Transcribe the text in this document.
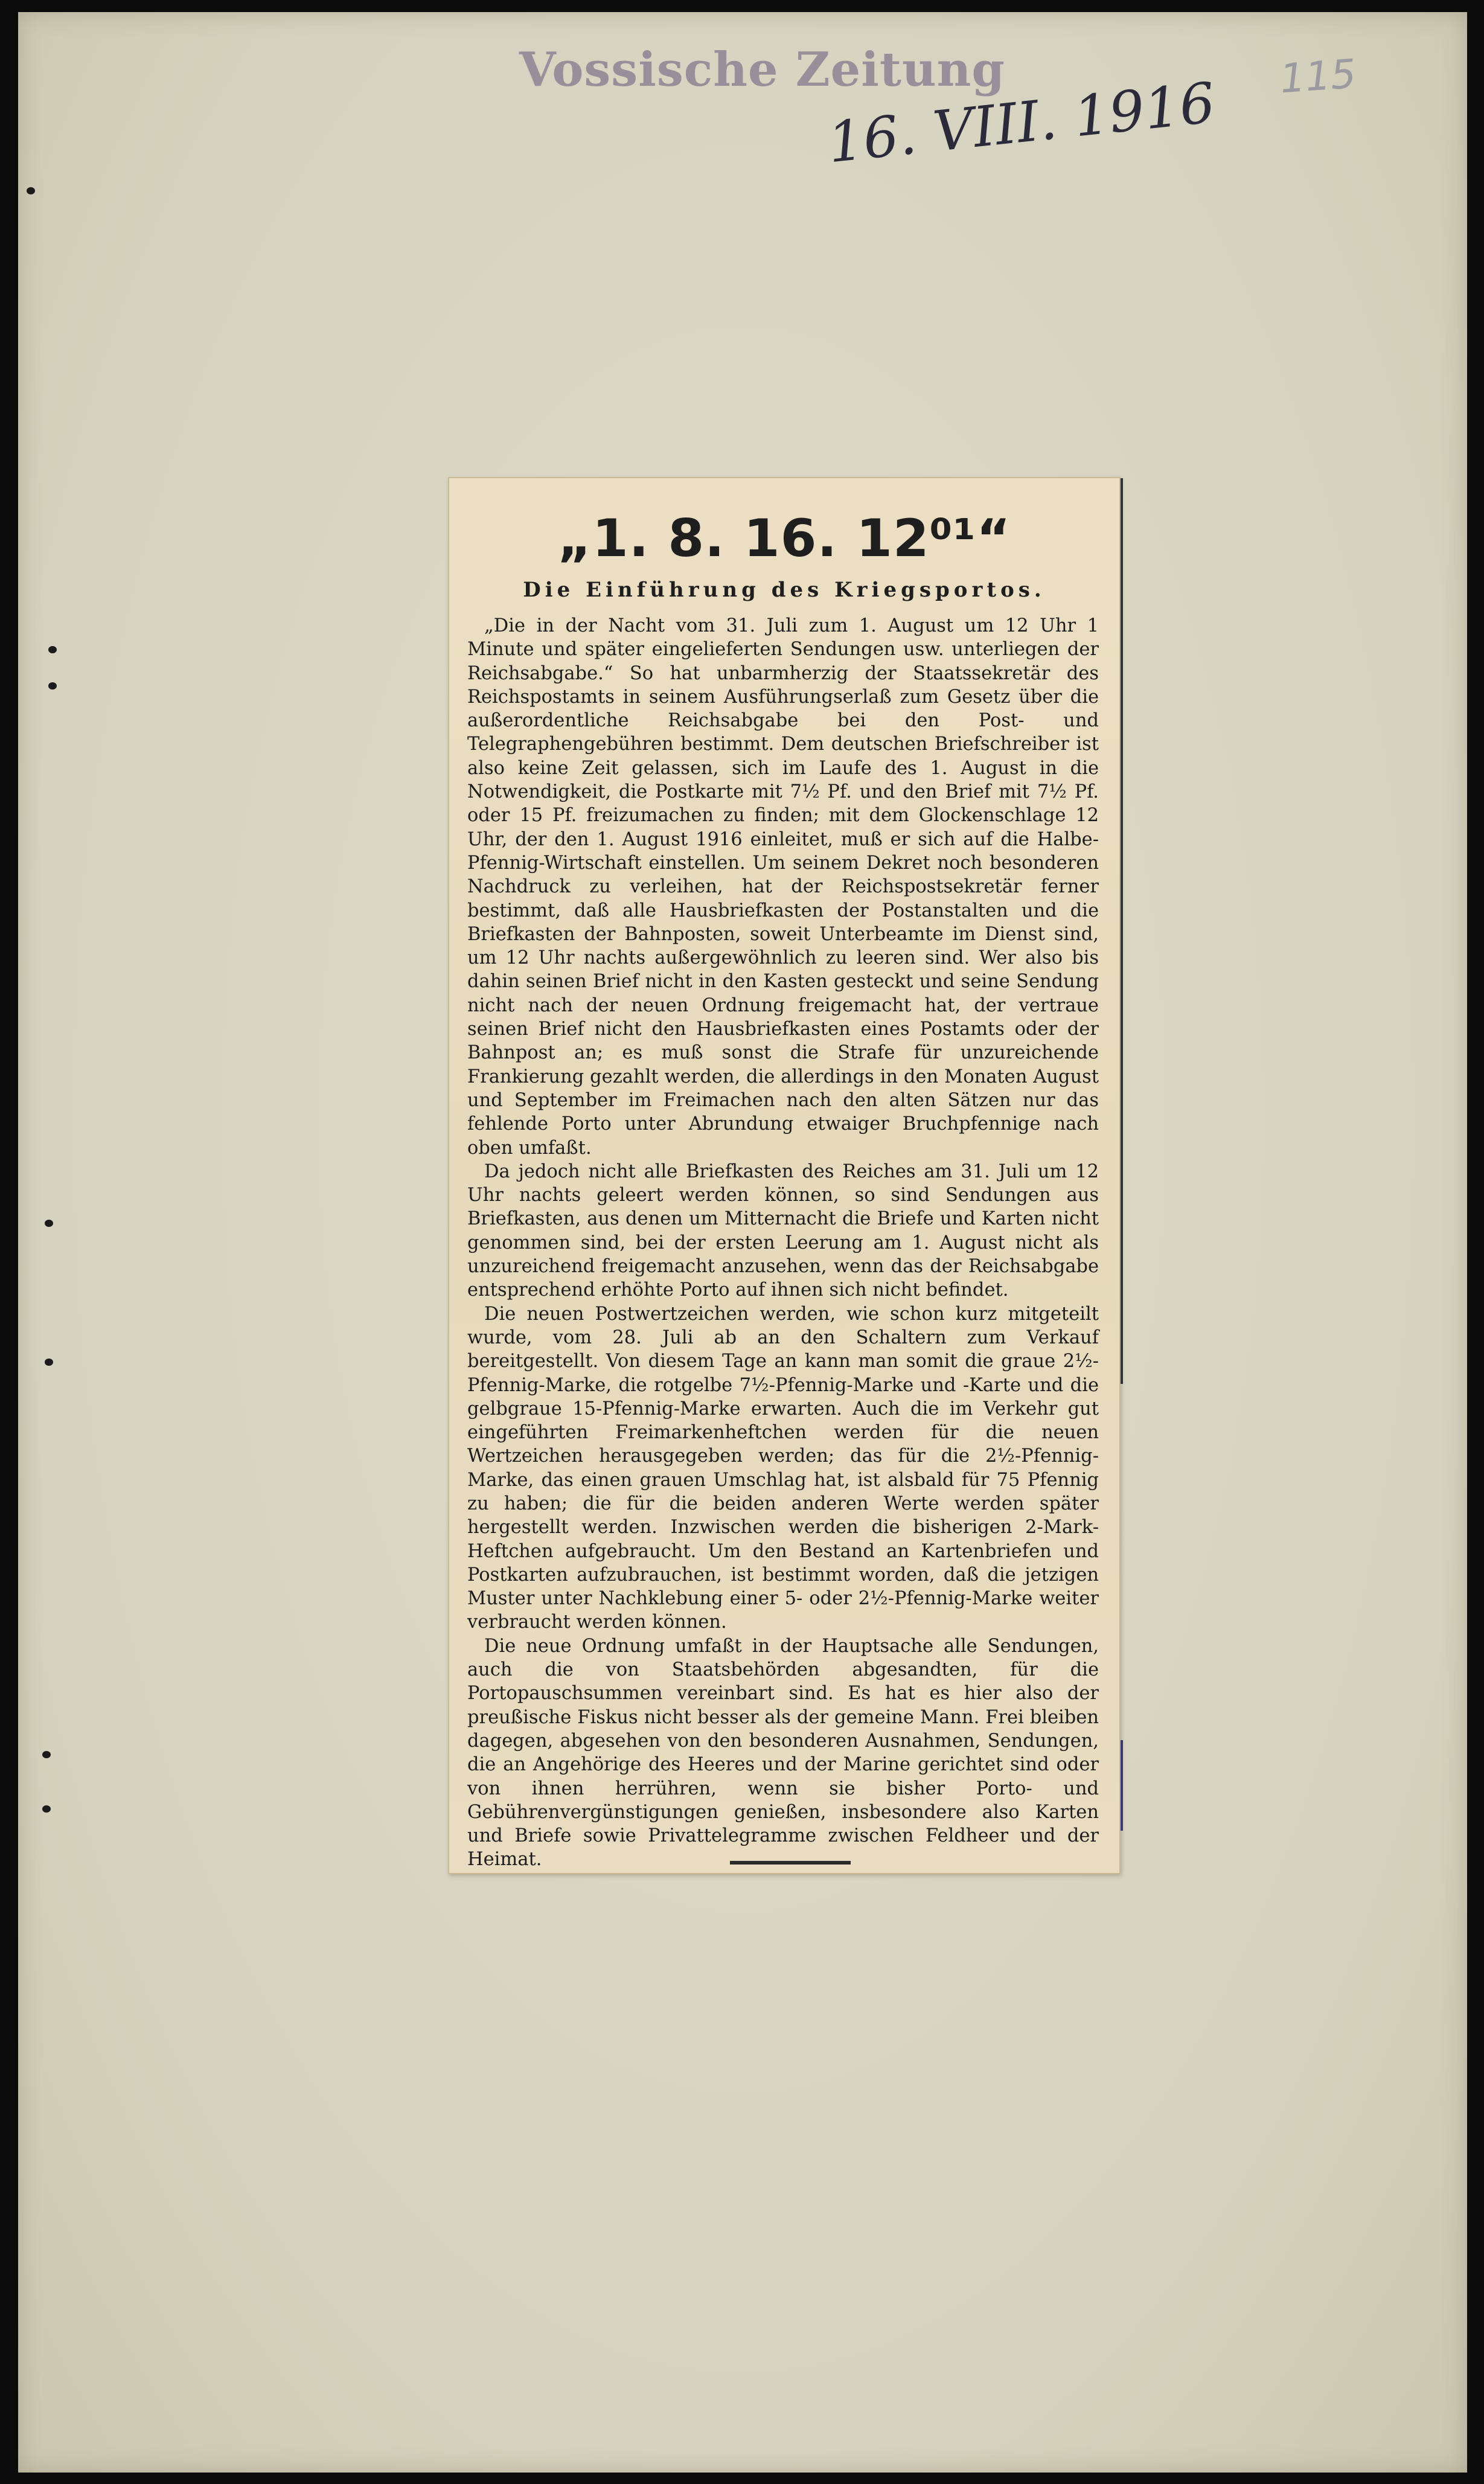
Vossische Zeitung
16. VIII. 1916 115
„1. 8. 16. 12⁰¹“
Die Einführung des Kriegsportos.

„Die in der Nacht vom 31. Juli zum 1. August um 12 Uhr 1 Minute und später eingelieferten Sendungen usw. unterliegen der Reichsabgabe.“ So hat unbarmherzig der Staatssekretär des Reichspostamts in seinem Ausführungserlaß zum Gesetz über die außerordentliche Reichsabgabe bei den Post- und Telegraphengebühren bestimmt. Dem deutschen Briefschreiber ist also keine Zeit gelassen, sich im Laufe des 1. August in die Notwendigkeit, die Postkarte mit 7½ Pf. und den Brief mit 7½ Pf. oder 15 Pf. freizumachen zu finden; mit dem Glockenschlage 12 Uhr, der den 1. August 1916 einleitet, muß er sich auf die Halbe-Pfennig-Wirtschaft einstellen. Um seinem Dekret noch besonderen Nachdruck zu verleihen, hat der Reichspostsekretär ferner bestimmt, daß alle Hausbriefkasten der Postanstalten und die Briefkasten der Bahnposten, soweit Unterbeamte im Dienst sind, um 12 Uhr nachts außergewöhnlich zu leeren sind. Wer also bis dahin seinen Brief nicht in den Kasten gesteckt und seine Sendung nicht nach der neuen Ordnung freigemacht hat, der vertraue seinen Brief nicht den Hausbriefkasten eines Postamts oder der Bahnpost an; es muß sonst die Strafe für unzureichende Frankierung gezahlt werden, die allerdings in den Monaten August und September im Freimachen nach den alten Sätzen nur das fehlende Porto unter Abrundung etwaiger Bruchpfennige nach oben umfaßt.

Da jedoch nicht alle Briefkasten des Reiches am 31. Juli um 12 Uhr nachts geleert werden können, so sind Sendungen aus Briefkasten, aus denen um Mitternacht die Briefe und Karten nicht genommen sind, bei der ersten Leerung am 1. August nicht als unzureichend freigemacht anzusehen, wenn das der Reichsabgabe entsprechend erhöhte Porto auf ihnen sich nicht befindet.

Die neuen Postwertzeichen werden, wie schon kurz mitgeteilt wurde, vom 28. Juli ab an den Schaltern zum Verkauf bereitgestellt. Von diesem Tage an kann man somit die graue 2½-Pfennig-Marke, die rotgelbe 7½-Pfennig-Marke und -Karte und die gelbgraue 15-Pfennig-Marke erwarten. Auch die im Verkehr gut eingeführten Freimarkenheftchen werden für die neuen Wertzeichen herausgegeben werden; das für die 2½-Pfennig-Marke, das einen grauen Umschlag hat, ist alsbald für 75 Pfennig zu haben; die für die beiden anderen Werte werden später hergestellt werden. Inzwischen werden die bisherigen 2-Mark-Heftchen aufgebraucht. Um den Bestand an Kartenbriefen und Postkarten aufzubrauchen, ist bestimmt worden, daß die jetzigen Muster unter Nachklebung einer 5- oder 2½-Pfennig-Marke weiter verbraucht werden können.

Die neue Ordnung umfaßt in der Hauptsache alle Sendungen, auch die von Staatsbehörden abgesandten, für die Portopauschsummen vereinbart sind. Es hat es hier also der preußische Fiskus nicht besser als der gemeine Mann. Frei bleiben dagegen, abgesehen von den besonderen Ausnahmen, Sendungen, die an Angehörige des Heeres und der Marine gerichtet sind oder von ihnen herrühren, wenn sie bisher Porto- und Gebührenvergünstigungen genießen, insbesondere also Karten und Briefe sowie Privattelegramme zwischen Feldheer und der Heimat.
